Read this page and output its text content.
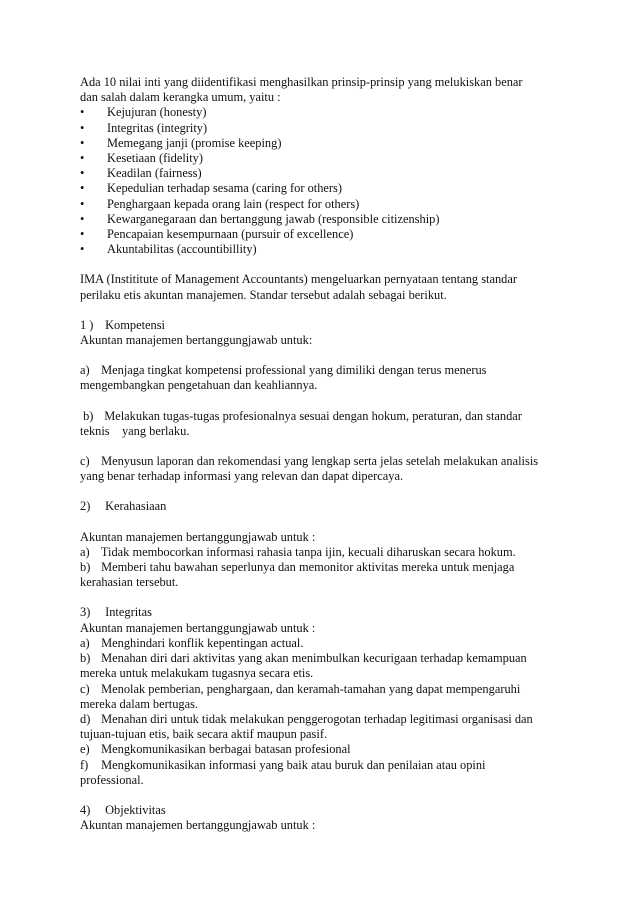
Ada 10 nilai inti yang diidentifikasi menghasilkan prinsip-prinsip yang melukiskan benar

dan salah dalam kerangka umum, yaitu :

• Kejujuran (honesty)
• Integritas (integrity)
• Memegang janji (promise keeping)
• Kesetiaan (fidelity)
• Keadilan (fairness)
• Kepedulian terhadap sesama (caring for others)
• Penghargaan kepada orang lain (respect for others)
• Kewarganegaraan dan bertanggung jawab (responsible citizenship)
• Pencapaian kesempurnaan (pursuir of excellence)
• Akuntabilitas (accountibillity)

IMA (Instititute of Management Accountants) mengeluarkan pernyataan tentang standar

perilaku etis akuntan manajemen. Standar tersebut adalah sebagai berikut.

1 ) Kompetensi

Akuntan manajemen bertanggungjawab untuk:

a) Menjaga tingkat kompetensi professional yang dimiliki dengan terus menerus

mengembangkan pengetahuan dan keahliannya.

b) Melakukan tugas-tugas profesionalnya sesuai dengan hokum, peraturan, dan standar

teknis    yang berlaku.

c) Menyusun laporan dan rekomendasi yang lengkap serta jelas setelah melakukan analisis

yang benar terhadap informasi yang relevan dan dapat dipercaya.

2) Kerahasiaan

Akuntan manajemen bertanggungjawab untuk :

a) Tidak membocorkan informasi rahasia tanpa ijin, kecuali diharuskan secara hokum.

b) Memberi tahu bawahan seperlunya dan memonitor aktivitas mereka untuk menjaga

kerahasian tersebut.

3) Integritas

Akuntan manajemen bertanggungjawab untuk :

a) Menghindari konflik kepentingan actual.

b) Menahan diri dari aktivitas yang akan menimbulkan kecurigaan terhadap kemampuan

mereka untuk melakukam tugasnya secara etis.

c) Menolak pemberian, penghargaan, dan keramah-tamahan yang dapat mempengaruhi

mereka dalam bertugas.

d) Menahan diri untuk tidak melakukan penggerogotan terhadap legitimasi organisasi dan

tujuan-tujuan etis, baik secara aktif maupun pasif.

e) Mengkomunikasikan berbagai batasan profesional

f) Mengkomunikasikan informasi yang baik atau buruk dan penilaian atau opini

professional.

4) Objektivitas

Akuntan manajemen bertanggungjawab untuk :
